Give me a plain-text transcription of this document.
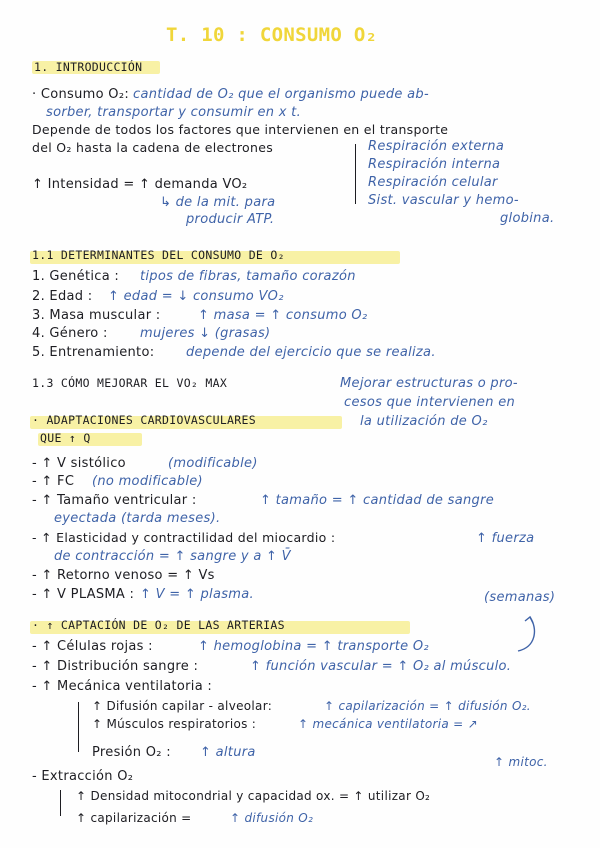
T. 10 : CONSUMO O₂
1. INTRODUCCIÓN
· Consumo O₂: cantidad de O₂ que el organismo puede ab-
sorber, transportar y consumir en x t.
Depende de todos los factores que intervienen en el transporte
del O₂ hasta la cadena de electrones	Respiración externa
Respiración interna
Respiración celular
Sist. vascular y hemo-
globina.
↑ Intensidad = ↑ demanda VO₂
↳ de la mit. para
producir ATP.
1.1 DETERMINANTES DEL CONSUMO DE O₂
1. Genética : tipos de fibras, tamaño corazón
2. Edad : ↑ edad = ↓ consumo VO₂
3. Masa muscular :	↑ masa = ↑ consumo O₂
4. Género : mujeres ↓ (grasas)
5. Entrenamiento: depende del ejercicio que se realiza.
1.3 CÓMO MEJORAR EL VO₂ MAX	Mejorar estructuras o pro-
cesos que intervienen en
la utilización de O₂
· ADAPTACIONES CARDIOVASCULARES
QUE ↑ Q
- ↑ V sistólico	(modificable)
- ↑ FC (no modificable)
- ↑ Tamaño ventricular :	↑ tamaño = ↑ cantidad de sangre
eyectada (tarda meses).
- ↑ Elasticidad y contractilidad del miocardio :	↑ fuerza
de contracción = ↑ sangre y a ↑ V̄
- ↑ Retorno venoso = ↑ Vs
- ↑ V PLASMA : ↑ V = ↑ plasma.	(semanas)
· ↑ CAPTACIÓN DE O₂ DE LAS ARTERIAS
- ↑ Células rojas :	↑ hemoglobina = ↑ transporte O₂
- ↑ Distribución sangre :	↑ función vascular = ↑ O₂ al músculo.
- ↑ Mecánica ventilatoria :
↑ Difusión capilar - alveolar:	↑ capilarización = ↑ difusión O₂.
↑ Músculos respiratorios :	↑ mecánica ventilatoria = ↗
Presión O₂ : ↑ altura
↑ mitoc.
- Extracción O₂
↑ Densidad mitocondrial y capacidad ox. = ↑ utilizar O₂
↑ capilarización =	↑ difusión O₂
